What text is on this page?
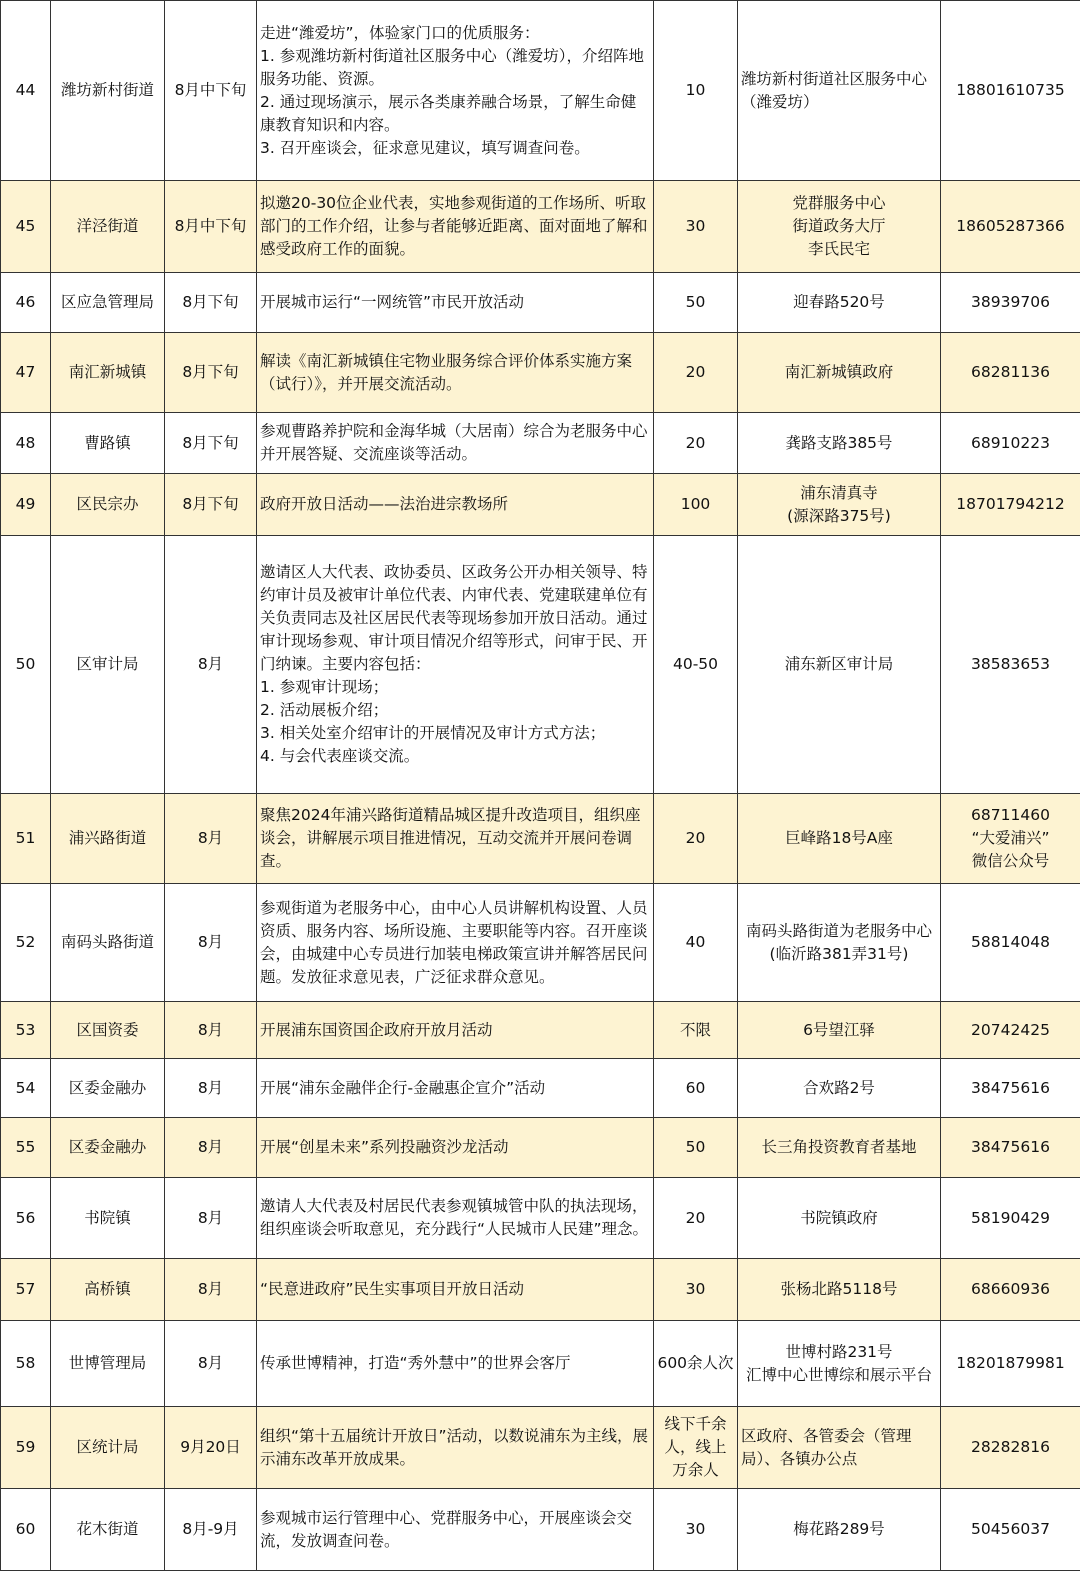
44	潍坊新村街道	8月中下旬	走进“潍爱坊”，体验家门口的优质服务：
1. 参观潍坊新村街道社区服务中心（潍爱坊），介绍阵地服务功能、资源。
2. 通过现场演示，展示各类康养融合场景，了解生命健康教育知识和内容。
3. 召开座谈会，征求意见建议，填写调查问卷。	10	潍坊新村街道社区服务中心（潍爱坊）	18801610735
45	洋泾街道	8月中下旬	拟邀20-30位企业代表，实地参观街道的工作场所、听取部门的工作介绍，让参与者能够近距离、面对面地了解和感受政府工作的面貌。	30	党群服务中心
街道政务大厅
李氏民宅	18605287366
46	区应急管理局	8月下旬	开展城市运行“一网统管”市民开放活动	50	迎春路520号	38939706
47	南汇新城镇	8月下旬	解读《南汇新城镇住宅物业服务综合评价体系实施方案（试行）》，并开展交流活动。	20	南汇新城镇政府	68281136
48	曹路镇	8月下旬	参观曹路养护院和金海华城（大居南）综合为老服务中心并开展答疑、交流座谈等活动。	20	龚路支路385号	68910223
49	区民宗办	8月下旬	政府开放日活动——法治进宗教场所	100	浦东清真寺
(源深路375号)	18701794212
50	区审计局	8月	邀请区人大代表、政协委员、区政务公开办相关领导、特约审计员及被审计单位代表、内审代表、党建联建单位有关负责同志及社区居民代表等现场参加开放日活动。通过审计现场参观、审计项目情况介绍等形式，问审于民、开门纳谏。主要内容包括：
1. 参观审计现场；
2. 活动展板介绍；
3. 相关处室介绍审计的开展情况及审计方式方法；
4. 与会代表座谈交流。	40-50	浦东新区审计局	38583653
51	浦兴路街道	8月	聚焦2024年浦兴路街道精品城区提升改造项目，组织座谈会，讲解展示项目推进情况，互动交流并开展问卷调查。	20	巨峰路18号A座	68711460
“大爱浦兴”
微信公众号
52	南码头路街道	8月	参观街道为老服务中心，由中心人员讲解机构设置、人员资质、服务内容、场所设施、主要职能等内容。召开座谈会，由城建中心专员进行加装电梯政策宣讲并解答居民问题。发放征求意见表，广泛征求群众意见。	40	南码头路街道为老服务中心
(临沂路381弄31号)	58814048
53	区国资委	8月	开展浦东国资国企政府开放月活动	不限	6号望江驿	20742425
54	区委金融办	8月	开展“浦东金融伴企行-金融惠企宣介”活动	60	合欢路2号	38475616
55	区委金融办	8月	开展“创星未来”系列投融资沙龙活动	50	长三角投资教育者基地	38475616
56	书院镇	8月	邀请人大代表及村居民代表参观镇城管中队的执法现场，组织座谈会听取意见，充分践行“人民城市人民建”理念。	20	书院镇政府	58190429
57	高桥镇	8月	“民意进政府”民生实事项目开放日活动	30	张杨北路5118号	68660936
58	世博管理局	8月	传承世博精神，打造“秀外慧中”的世界会客厅	600余人次	世博村路231号
汇博中心世博综和展示平台	18201879981
59	区统计局	9月20日	组织“第十五届统计开放日”活动，以数说浦东为主线，展示浦东改革开放成果。	线下千余人，线上万余人	区政府、各管委会（管理局）、各镇办公点	28282816
60	花木街道	8月-9月	参观城市运行管理中心、党群服务中心，开展座谈会交流，发放调查问卷。	30	梅花路289号	50456037
